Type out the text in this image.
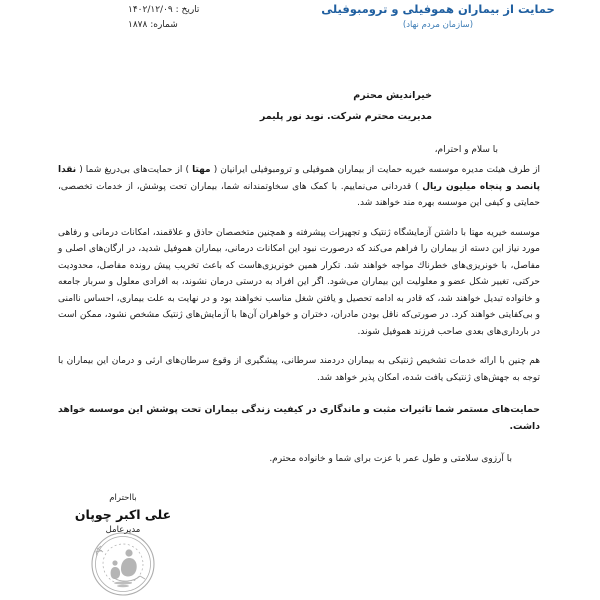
حمایت از بیماران هموفیلی و ترومبوفیلی
(سازمان مردم نهاد)
تاریخ : ۱۴۰۲/۱۲/۰۹
شماره: ۱۸۷۸
خیراندیش محترم
مدیریت محترم شرکت. نوید نور پلیمر
با سلام و احترام،

از طرف هیئت مدیره موسسه خیریه حمایت از بیماران هموفیلی و ترومبوفیلی ایرانیان ( مهتا ) از حمایت‌های بی‌دریغ شما ( نقدا پانصد و پنجاه میلیون ریال ) قدردانی می‌نماییم. با کمک های سخاوتمندانه شما، بیماران تحت پوشش، از خدمات تخصصی، حمایتی و کیفی این موسسه بهره مند خواهند شد.

موسسه خیریه مهتا با داشتن آزمایشگاه ژنتیک و تجهیزات پیشرفته و همچنین متخصصان حاذق و علاقمند، امکانات درمانی و رفاهی مورد نیاز این دسته از بیماران را فراهم می‌کند که درصورت نبود این امکانات درمانی، بیماران هموفیل شدید، در ارگان‌های اصلی و مفاصل، با خونریزی‌های خطرناك مواجه خواهند شد. تکرار همین خونریزی‌هاست که باعث تخریب پیش رونده مفاصل، محدودیت حرکتی، تغییر شکل عضو و معلولیت این بیماران می‌شود. اگر این افراد به درستی درمان نشوند، به افرادی معلول و سربار جامعه و خانواده تبدیل خواهند شد، که قادر به ادامه تحصیل و یافتن شغل مناسب نخواهند بود و در نهایت به علت بیماری، احساس ناامنی و بی‌کفایتی خواهند کرد. در صورتی‌که ناقل بودن مادران، دختران و خواهران آن‌ها با آزمایش‌های ژنتیک مشخص نشود، ممکن است در بارداری‌های بعدی صاحب فرزند هموفیل شوند.

هم چنین با ارائه خدمات تشخیص ژنتیکی به بیماران دردمند سرطانی، پیشگیری از وقوع سرطان‌های ارثی و درمان این بیماران با توجه به جهش‌های ژنتیکی یافت شده، امکان پذیر خواهد شد.

حمایت‌های مستمر شما تاثیرات مثبت و ماندگاری در کیفیت زندگی بیماران تحت پوشش این موسسه خواهد داشت.
با آرزوی سلامتی و طول عمر با عزت برای شما و خانواده محترم.
بااحترام
علی اکبر چوپان
مدیرعامل
